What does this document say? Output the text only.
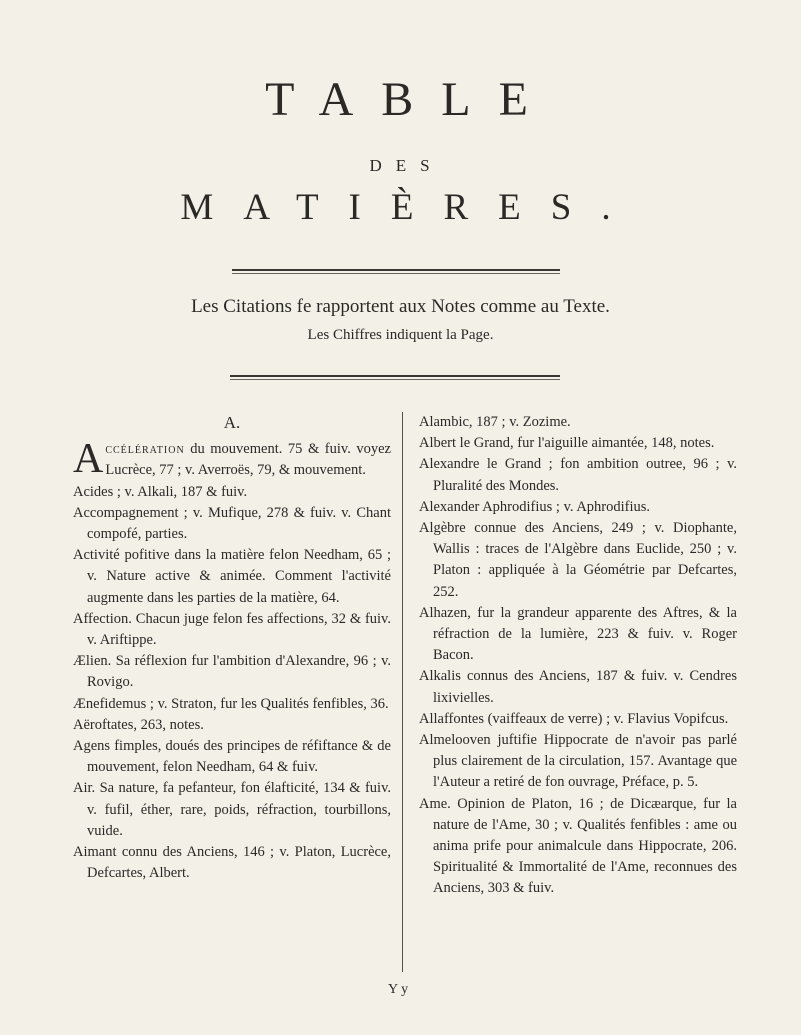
TABLE
DES
MATIÈRES.
Les Citations fe rapportent aux Notes comme au Texte.
Les Chiffres indiquent la Page.
A.
Accélération du mouvement. 75 & fuiv. voyez Lucrèce, 77 ; v. Averroës, 79, & mouvement.
Acides ; v. Alkali, 187 & fuiv.
Accompagnement ; v. Mufique, 278 & fuiv. v. Chant compofé, parties.
Activité pofitive dans la matière felon Needham, 65 ; v. Nature active & animée. Comment l'activité augmente dans les parties de la matière, 64.
Affection. Chacun juge felon fes affections, 32 & fuiv. v. Ariftippe.
Ælien. Sa réflexion fur l'ambition d'Alexandre, 96 ; v. Rovigo.
Ænefidemus ; v. Straton, fur les Qualités fenfibles, 36.
Aëroftates, 263, notes.
Agens fimples, doués des principes de réfiftance & de mouvement, felon Needham, 64 & fuiv.
Air. Sa nature, fa pefanteur, fon élafticité, 134 & fuiv. v. fufil, éther, rare, poids, réfraction, tourbillons, vuide.
Aimant connu des Anciens, 146 ; v. Platon, Lucrèce, Defcartes, Albert.
Alambic, 187 ; v. Zozime.
Albert le Grand, fur l'aiguille aimantée, 148, notes.
Alexandre le Grand ; fon ambition outree, 96 ; v. Pluralité des Mondes.
Alexander Aphrodifius ; v. Aphrodifius.
Algèbre connue des Anciens, 249 ; v. Diophante, Wallis : traces de l'Algèbre dans Euclide, 250 ; v. Platon : appliquée à la Géométrie par Defcartes, 252.
Alhazen, fur la grandeur apparente des Aftres, & la réfraction de la lumière, 223 & fuiv. v. Roger Bacon.
Alkalis connus des Anciens, 187 & fuiv. v. Cendres lixivielles.
Allaffontes (vaiffeaux de verre) ; v. Flavius Vopifcus.
Almelooven juftifie Hippocrate de n'avoir pas parlé plus clairement de la circulation, 157. Avantage que l'Auteur a retiré de fon ouvrage, Préface, p. 5.
Ame. Opinion de Platon, 16 ; de Dicæarque, fur la nature de l'Ame, 30 ; v. Qualités fenfibles : ame ou anima prife pour animalcule dans Hippocrate, 206. Spiritualité & Immortalité de l'Ame, reconnues des Anciens, 303 & fuiv.
Y y
